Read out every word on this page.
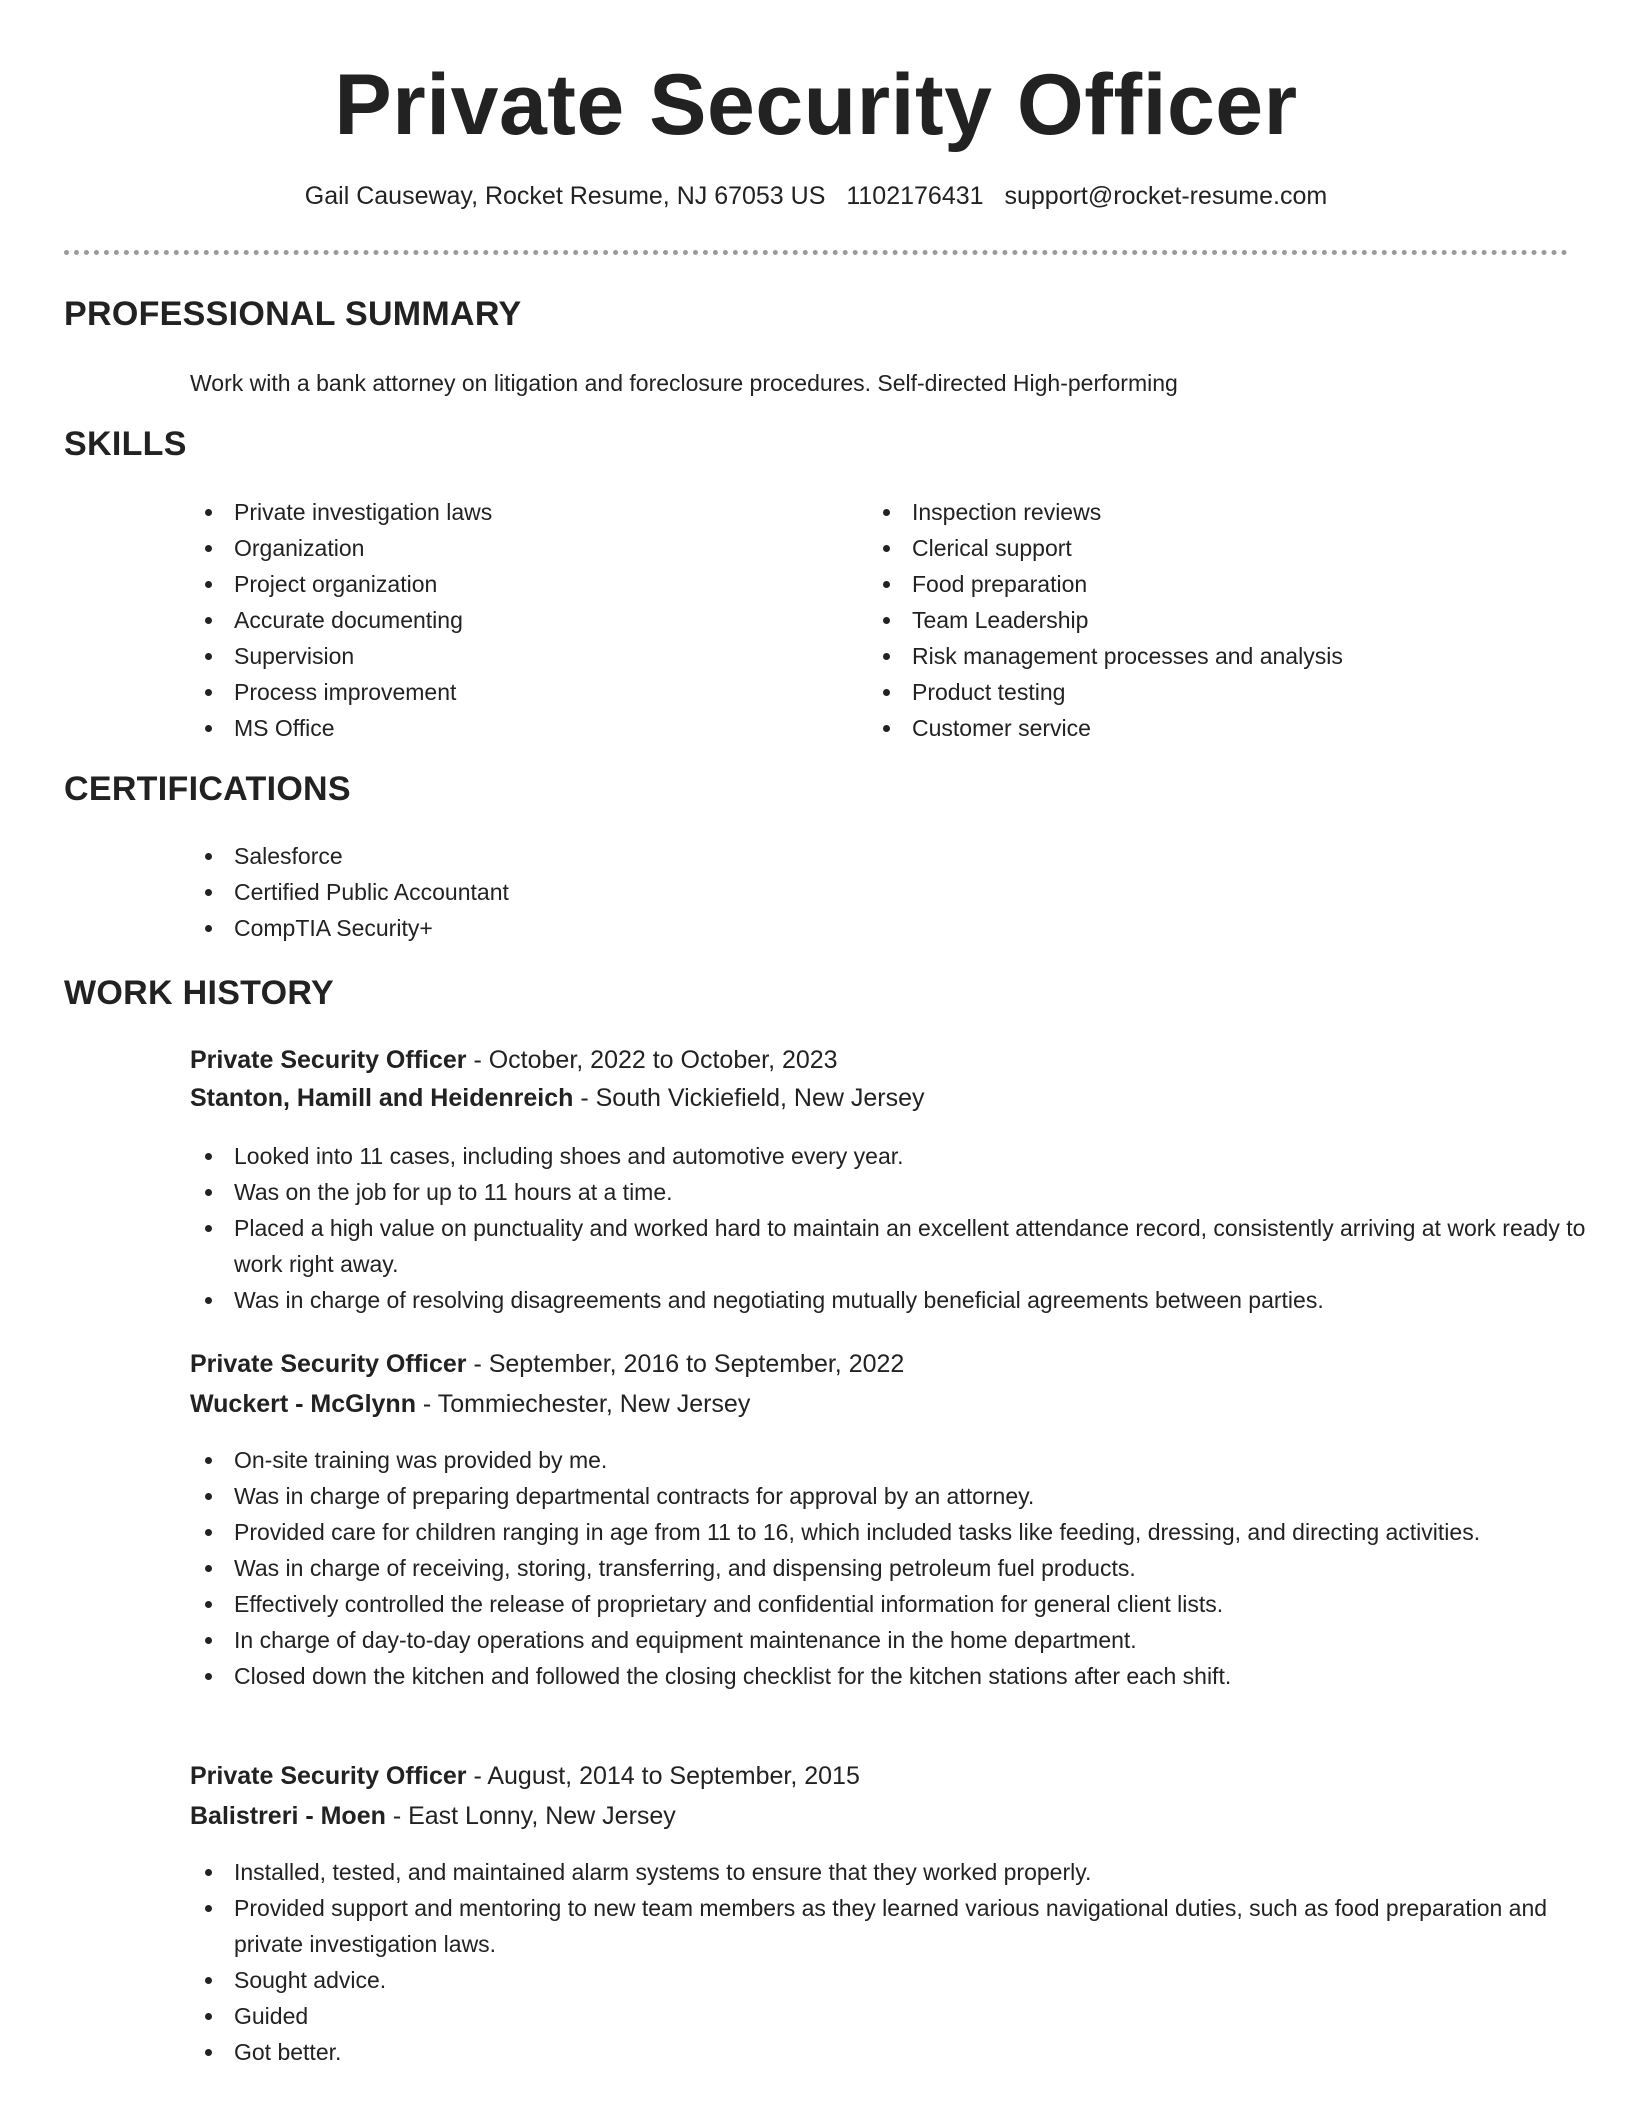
Private Security Officer
Gail Causeway, Rocket Resume, NJ 67053 US 1102176431 support@rocket-resume.com
PROFESSIONAL SUMMARY
Work with a bank attorney on litigation and foreclosure procedures. Self-directed High-performing
SKILLS
Private investigation laws
Organization
Project organization
Accurate documenting
Supervision
Process improvement
MS Office
Inspection reviews
Clerical support
Food preparation
Team Leadership
Risk management processes and analysis
Product testing
Customer service
CERTIFICATIONS
Salesforce
Certified Public Accountant
CompTIA Security+
WORK HISTORY
Private Security Officer - October, 2022 to October, 2023
Stanton, Hamill and Heidenreich - South Vickiefield, New Jersey
Looked into 11 cases, including shoes and automotive every year.
Was on the job for up to 11 hours at a time.
Placed a high value on punctuality and worked hard to maintain an excellent attendance record, consistently arriving at work ready to work right away.
Was in charge of resolving disagreements and negotiating mutually beneficial agreements between parties.
Private Security Officer - September, 2016 to September, 2022
Wuckert - McGlynn - Tommiechester, New Jersey
On-site training was provided by me.
Was in charge of preparing departmental contracts for approval by an attorney.
Provided care for children ranging in age from 11 to 16, which included tasks like feeding, dressing, and directing activities.
Was in charge of receiving, storing, transferring, and dispensing petroleum fuel products.
Effectively controlled the release of proprietary and confidential information for general client lists.
In charge of day-to-day operations and equipment maintenance in the home department.
Closed down the kitchen and followed the closing checklist for the kitchen stations after each shift.
Private Security Officer - August, 2014 to September, 2015
Balistreri - Moen - East Lonny, New Jersey
Installed, tested, and maintained alarm systems to ensure that they worked properly.
Provided support and mentoring to new team members as they learned various navigational duties, such as food preparation and private investigation laws.
Sought advice.
Guided
Got better.
